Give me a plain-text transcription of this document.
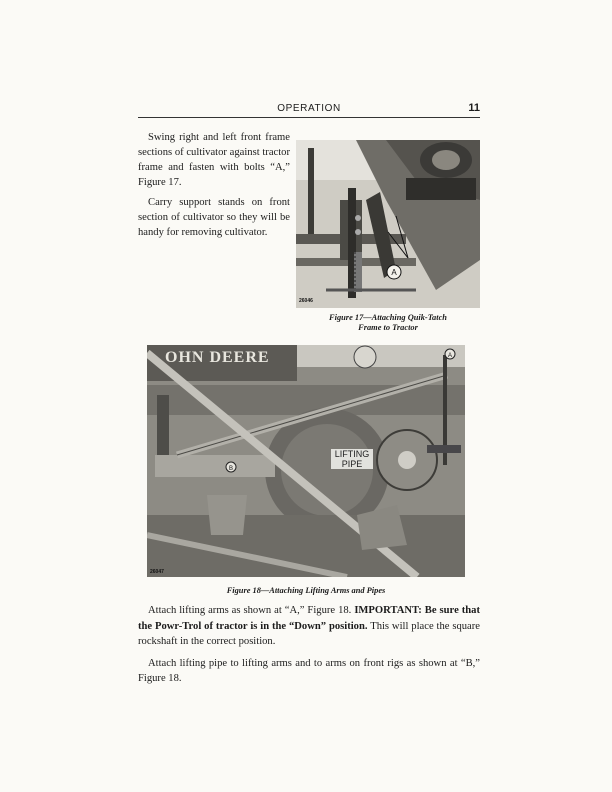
OPERATION	11

Swing right and left front frame sections of cultivator against tractor frame and fasten with bolts “A,” Figure 17.

Carry support stands on front section of cultivator so they will be handy for removing cultivator.

A
26046
Figure 17—Attaching Quik-Tatch
Frame to Tractor
B
A
OHN DEERE
LIFTING
PIPE
26047
Figure 18—Attaching Lifting Arms and Pipes

Attach lifting arms as shown at “A,” Figure 18. IMPORTANT: Be sure that the Powr-Trol of tractor is in the “Down” position. This will place the square rockshaft in the correct position.

Attach lifting pipe to lifting arms and to arms on front rigs as shown at “B,” Figure 18.
